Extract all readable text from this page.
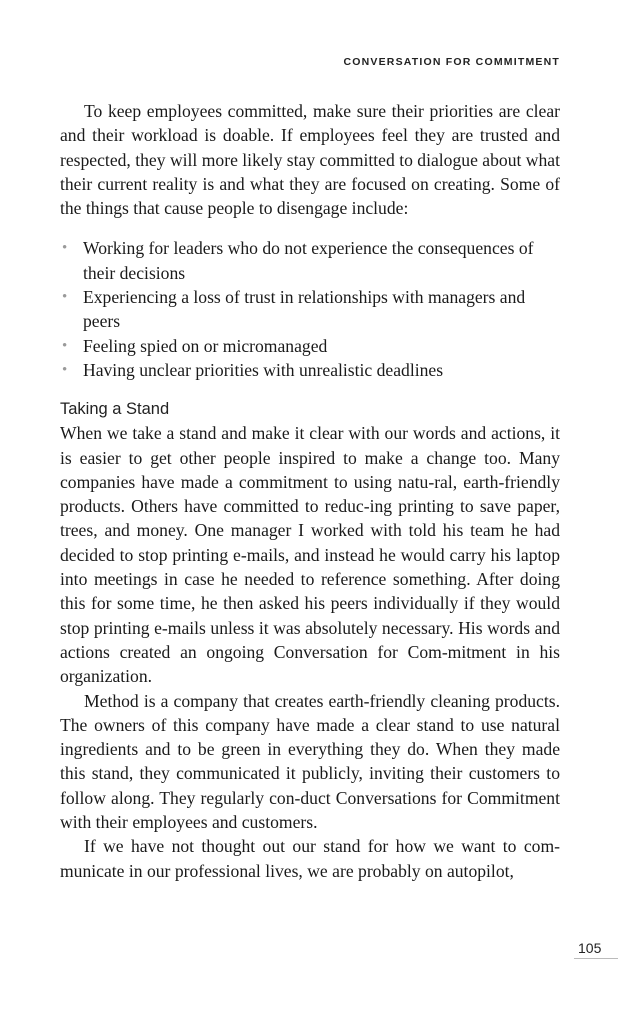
CONVERSATION FOR COMMITMENT

To keep employees committed, make sure their priorities are clear and their workload is doable. If employees feel they are trusted and respected, they will more likely stay committed to dialogue about what their current reality is and what they are focused on creating. Some of the things that cause people to disengage include:

• Working for leaders who do not experience the consequences of their decisions
• Experiencing a loss of trust in relationships with managers and peers
• Feeling spied on or micromanaged
• Having unclear priorities with unrealistic deadlines
Taking a Stand

When we take a stand and make it clear with our words and actions, it is easier to get other people inspired to make a change too. Many companies have made a commitment to using natu-ral, earth-friendly products. Others have committed to reduc-ing printing to save paper, trees, and money. One manager I worked with told his team he had decided to stop printing e-mails, and instead he would carry his laptop into meetings in case he needed to reference something. After doing this for some time, he then asked his peers individually if they would stop printing e-mails unless it was absolutely necessary. His words and actions created an ongoing Conversation for Com-mitment in his organization.

Method is a company that creates earth-friendly cleaning products. The owners of this company have made a clear stand to use natural ingredients and to be green in everything they do. When they made this stand, they communicated it publicly, inviting their customers to follow along. They regularly con-duct Conversations for Commitment with their employees and customers.

If we have not thought out our stand for how we want to com-municate in our professional lives, we are probably on autopilot,

105
